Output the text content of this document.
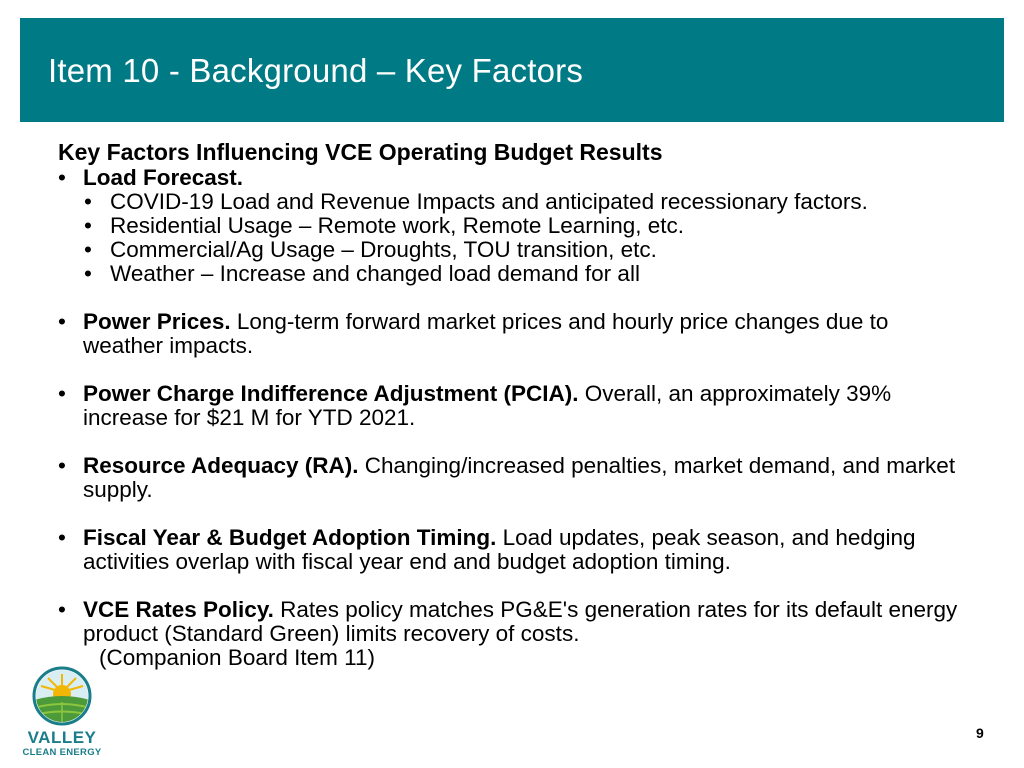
Item 10 - Background – Key Factors
Key Factors Influencing VCE Operating Budget Results
• Load Forecast.
• COVID-19 Load and Revenue Impacts and anticipated recessionary factors.
• Residential Usage – Remote work, Remote Learning, etc.
• Commercial/Ag Usage – Droughts, TOU transition, etc.
• Weather – Increase and changed load demand for all
• Power Prices. Long-term forward market prices and hourly price changes due to weather impacts.
• Power Charge Indifference Adjustment (PCIA). Overall, an approximately 39% increase for $21 M for YTD 2021.
• Resource Adequacy (RA). Changing/increased penalties, market demand, and market supply.
• Fiscal Year & Budget Adoption Timing. Load updates, peak season, and hedging activities overlap with fiscal year end and budget adoption timing.
• VCE Rates Policy. Rates policy matches PG&E's generation rates for its default energy product (Standard Green) limits recovery of costs.
(Companion Board Item 11)
VALLEY
CLEAN ENERGY
9
